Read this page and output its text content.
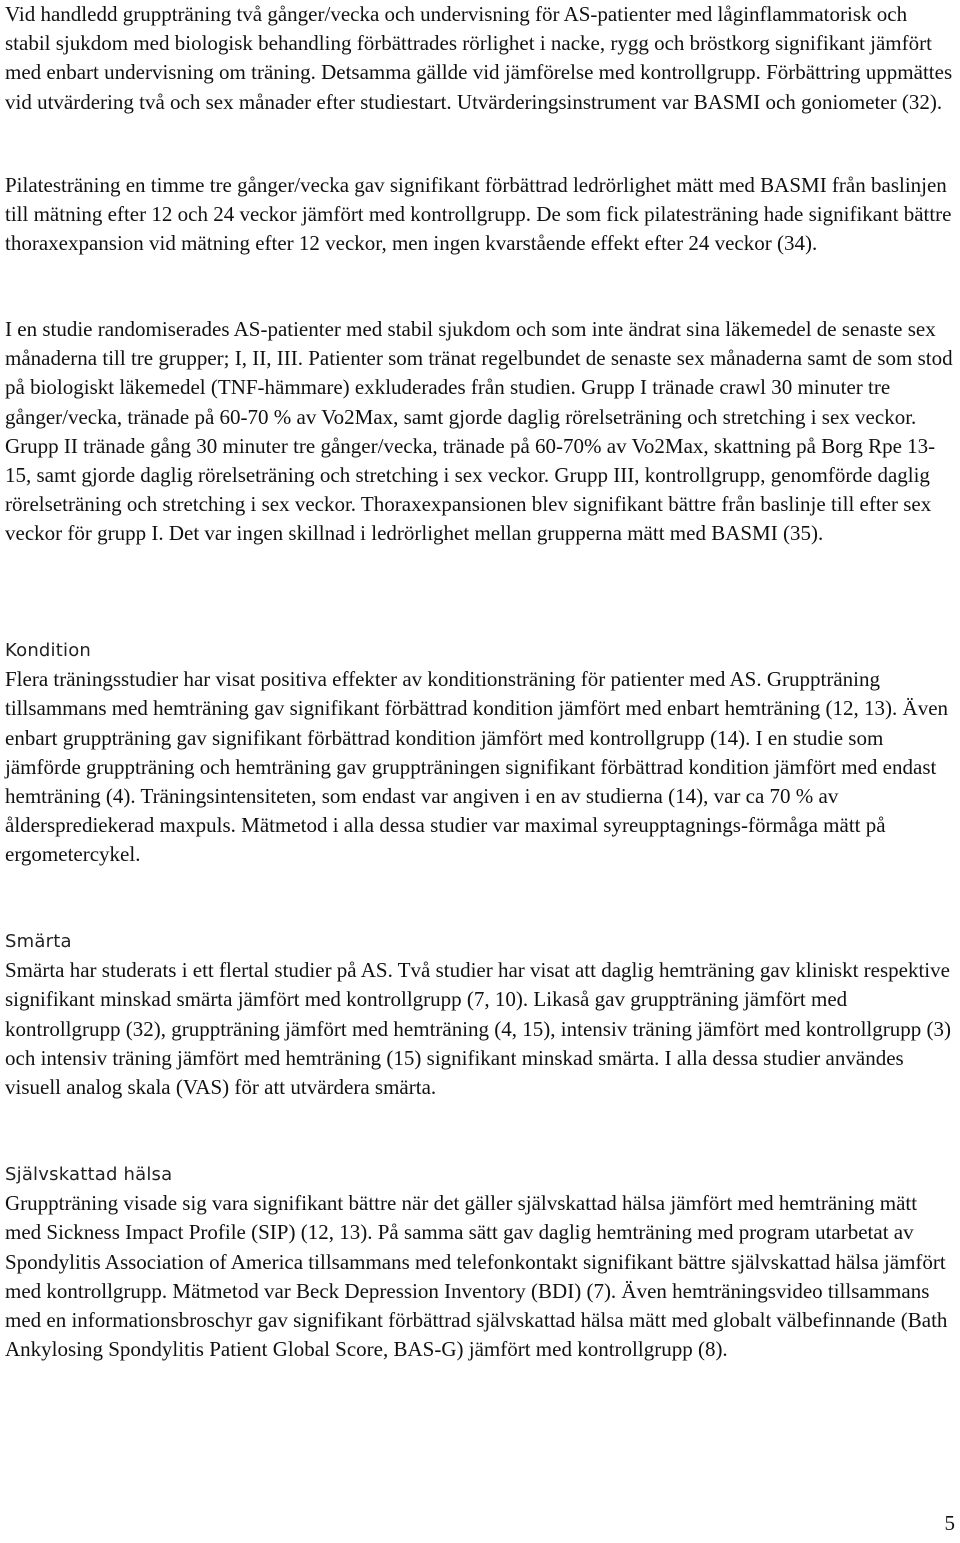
Vid handledd gruppträning två gånger/vecka och undervisning för AS-patienter med låginflammatorisk och stabil sjukdom med biologisk behandling förbättrades rörlighet i nacke, rygg och bröstkorg signifikant jämfört med enbart undervisning om träning. Detsamma gällde vid jämförelse med kontrollgrupp. Förbättring uppmättes vid utvärdering två och sex månader efter studiestart. Utvärderingsinstrument var BASMI och goniometer (32).

Pilatesträning en timme tre gånger/vecka gav signifikant förbättrad ledrörlighet mätt med BASMI från baslinjen till mätning efter 12 och 24 veckor jämfört med kontrollgrupp. De som fick pilatesträning hade signifikant bättre thoraxexpansion vid mätning efter 12 veckor, men ingen kvarstående effekt efter 24 veckor (34).

I en studie randomiserades AS-patienter med stabil sjukdom och som inte ändrat sina läkemedel de senaste sex månaderna till tre grupper; I, II, III. Patienter som tränat regelbundet de senaste sex månaderna samt de som stod på biologiskt läkemedel (TNF-hämmare) exkluderades från studien. Grupp I tränade crawl 30 minuter tre gånger/vecka, tränade på 60-70 % av Vo2Max, samt gjorde daglig rörelseträning och stretching i sex veckor. Grupp II tränade gång 30 minuter tre gånger/vecka, tränade på 60-70% av Vo2Max, skattning på Borg Rpe 13-15, samt gjorde daglig rörelseträning och stretching i sex veckor. Grupp III, kontrollgrupp, genomförde daglig rörelseträning och stretching i sex veckor. Thoraxexpansionen blev signifikant bättre från baslinje till efter sex veckor för grupp I. Det var ingen skillnad i ledrörlighet mellan grupperna mätt med BASMI (35).

Kondition
Flera träningsstudier har visat positiva effekter av konditionsträning för patienter med AS. Gruppträning tillsammans med hemträning gav signifikant förbättrad kondition jämfört med enbart hemträning (12, 13). Även enbart gruppträning gav signifikant förbättrad kondition jämfört med kontrollgrupp (14). I en studie som jämförde gruppträning och hemträning gav gruppträningen signifikant förbättrad kondition jämfört med endast hemträning (4). Träningsintensiteten, som endast var angiven i en av studierna (14), var ca 70 % av åldersprediekerad maxpuls. Mätmetod i alla dessa studier var maximal syreupptagnings-förmåga mätt på ergometercykel.
Smärta
Smärta har studerats i ett flertal studier på AS. Två studier har visat att daglig hemträning gav kliniskt respektive signifikant minskad smärta jämfört med kontrollgrupp (7, 10). Likaså gav gruppträning jämfört med kontrollgrupp (32), gruppträning jämfört med hemträning (4, 15), intensiv träning jämfört med kontrollgrupp (3) och intensiv träning jämfört med hemträning (15) signifikant minskad smärta. I alla dessa studier användes visuell analog skala (VAS) för att utvärdera smärta.
Självskattad hälsa
Gruppträning visade sig vara signifikant bättre när det gäller självskattad hälsa jämfört med hemträning mätt med Sickness Impact Profile (SIP) (12, 13). På samma sätt gav daglig hemträning med program utarbetat av Spondylitis Association of America tillsammans med telefonkontakt signifikant bättre självskattad hälsa jämfört med kontrollgrupp. Mätmetod var Beck Depression Inventory (BDI) (7). Även hemträningsvideo tillsammans med en informationsbroschyr gav signifikant förbättrad självskattad hälsa mätt med globalt välbefinnande (Bath Ankylosing Spondylitis Patient Global Score, BAS-G) jämfört med kontrollgrupp (8).
5
